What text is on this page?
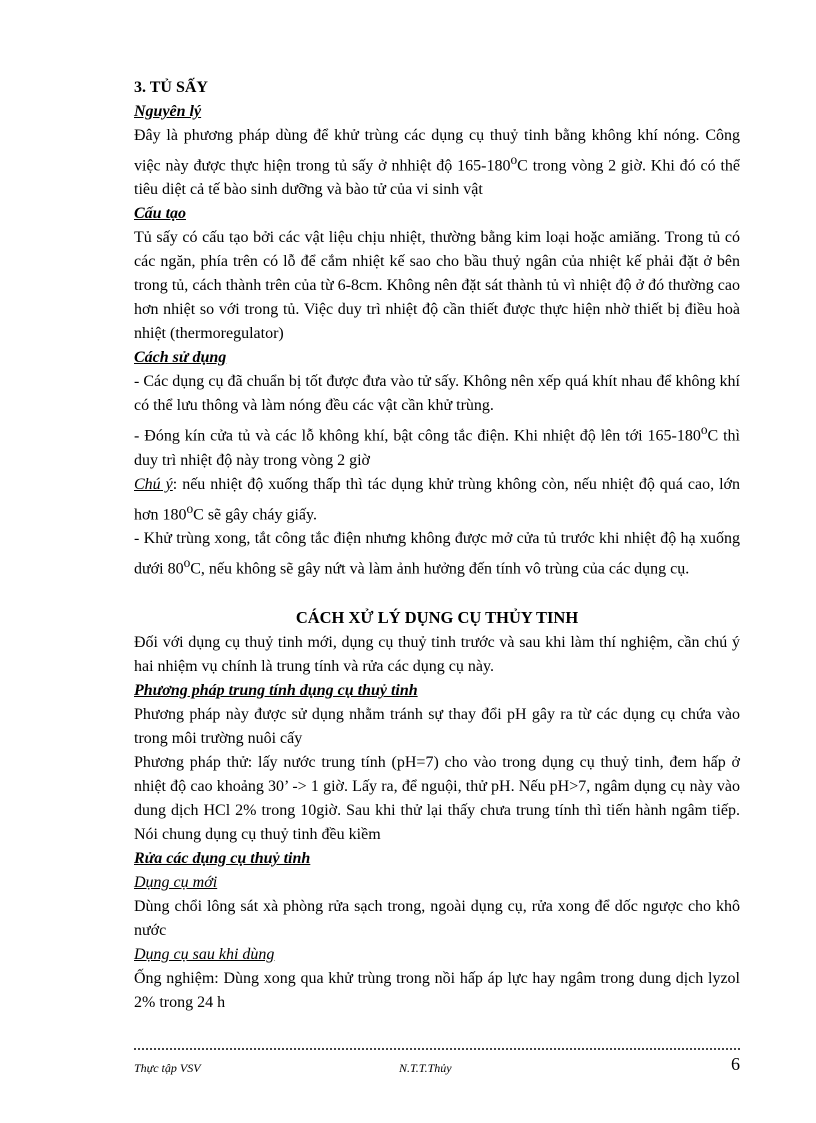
3. TỦ SẤY

Nguyên lý

Đây là phương pháp dùng để khử trùng các dụng cụ thuỷ tinh bằng không khí nóng. Công việc này được thực hiện trong tủ sấy ở nhhiệt độ 165-180$^o$C trong vòng 2 giờ. Khi đó có thể tiêu diệt cả tế bào sinh dưỡng và bào tử của vi sinh vật

Cấu tạo

Tủ sấy có cấu tạo bởi các vật liệu chịu nhiệt, thường bằng kim loại hoặc amiăng. Trong tủ có các ngăn, phía trên có lỗ để cắm nhiệt kế sao cho bầu thuỷ ngân của nhiệt kế phải đặt ở bên trong tủ, cách thành trên của từ 6-8cm. Không nên đặt sát thành tủ vì nhiệt độ ở đó thường cao hơn nhiệt so với trong tủ. Việc duy trì nhiệt độ cần thiết được thực hiện nhờ thiết bị điều hoà nhiệt (thermoregulator)

Cách sử dụng

- Các dụng cụ đã chuẩn bị tốt được đưa vào tử sấy. Không nên xếp quá khít nhau để không khí có thể lưu thông và làm nóng đều các vật cần khử trùng.

- Đóng kín cửa tủ và các lỗ không khí, bật công tắc điện. Khi nhiệt độ lên tới 165-180$^o$C thì duy trì nhiệt độ này trong vòng 2 giờ

Chú ý: nếu nhiệt độ xuống thấp thì tác dụng khử trùng không còn, nếu nhiệt độ quá cao, lớn hơn 180$^o$C sẽ gây cháy giấy.

- Khử trùng xong, tắt công tắc điện nhưng không được mở cửa tủ trước khi nhiệt độ hạ xuống dưới 80$^o$C, nếu không sẽ gây nứt và làm ảnh hưởng đến tính vô trùng của các dụng cụ.

CÁCH XỬ LÝ DỤNG CỤ THỦY TINH

Đối với dụng cụ thuỷ tinh mới, dụng cụ thuỷ tinh trước và sau khi làm thí nghiệm, cần chú ý hai nhiệm vụ chính là trung tính và rửa các dụng cụ này.

Phương pháp trung tính dụng cụ thuỷ tinh

Phương pháp này được sử dụng nhằm tránh sự thay đổi pH gây ra từ các dụng cụ chứa vào trong môi trường nuôi cấy

Phương pháp thử: lấy nước trung tính (pH=7) cho vào trong dụng cụ thuỷ tinh, đem hấp ở nhiệt độ cao khoảng 30’ -> 1 giờ. Lấy ra, để nguội, thử pH. Nếu pH>7, ngâm dụng cụ này vào dung dịch HCl 2% trong 10giờ. Sau khi thử lại thấy chưa trung tính thì tiến hành ngâm tiếp. Nói chung dụng cụ thuỷ tinh đều kiềm

Rửa các dụng cụ thuỷ tinh

Dụng cụ mới

Dùng chổi lông sát xà phòng rửa sạch trong, ngoài dụng cụ, rửa xong để dốc ngược cho khô nước

Dụng cụ sau khi dùng

Ống nghiệm: Dùng xong qua khử trùng trong nồi hấp áp lực hay ngâm trong dung dịch lyzol 2% trong 24 h

Thực tập VSV	N.T.T.Thủy	6
